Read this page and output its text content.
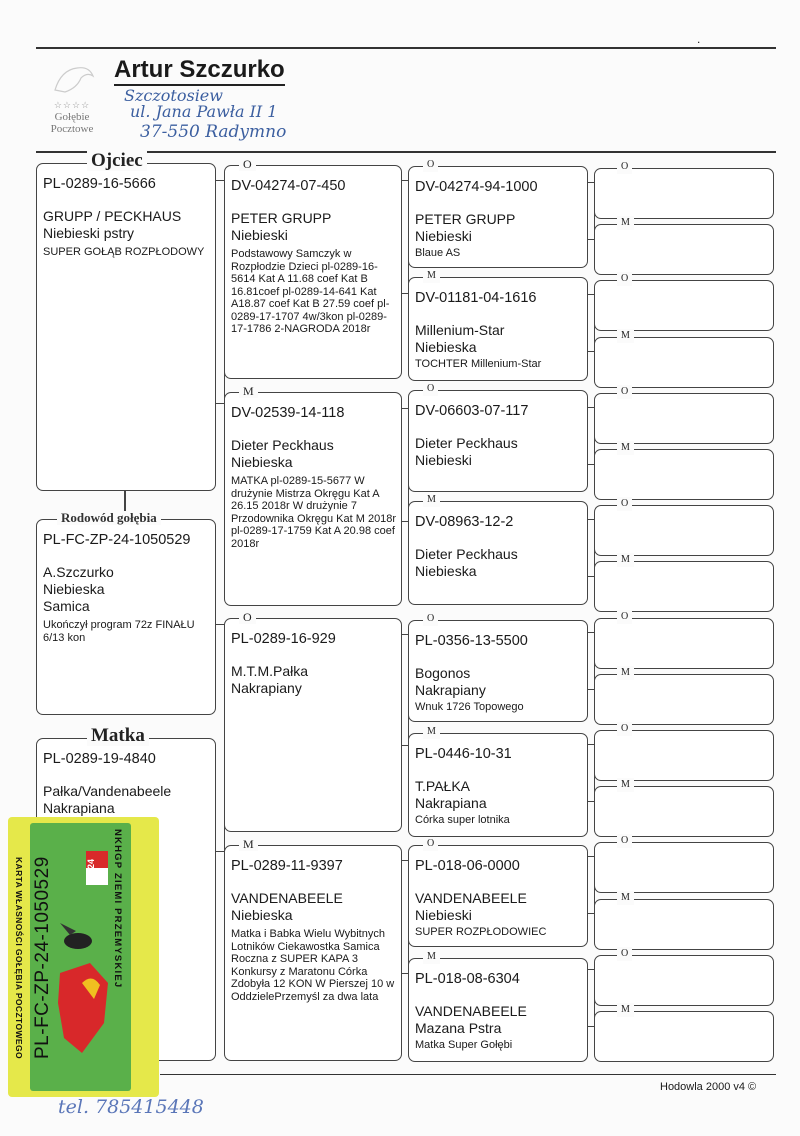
.
☆☆☆☆
Gołębie
Pocztowe
Artur Szczurko
Szczotosiew
ul. Jana Pawła II 1
37-550 Radymno
Ojciec
PL-0289-16-5666
GRUPP / PECKHAUS
Niebieski pstry
SUPER GOŁĄB ROZPŁODOWY
Rodowód gołębia
PL-FC-ZP-24-1050529
A.Szczurko
Niebieska
Samica
Ukończył program 72z FINAŁU 6/13 kon
Matka
PL-0289-19-4840
Pałka/Vandenabeele
Nakrapiana
O
DV-04274-07-450
PETER GRUPP
Niebieski
Podstawowy Samczyk w Rozpłodzie Dzieci pl-0289-16-5614 Kat A 11.68 coef Kat B 16.81coef pl-0289-14-641 Kat A18.87 coef Kat B 27.59 coef pl-0289-17-1707 4w/3kon pl-0289-17-1786 2-NAGRODA 2018r
M
DV-02539-14-118
Dieter Peckhaus
Niebieska
MATKA pl-0289-15-5677 W drużynie Mistrza Okręgu Kat A 26.15 2018r W drużynie 7 Przodownika Okręgu Kat M 2018r pl-0289-17-1759 Kat A 20.98 coef 2018r
O
PL-0289-16-929
M.T.M.Pałka
Nakrapiany
M
PL-0289-11-9397
VANDENABEELE
Niebieska
Matka i Babka Wielu Wybitnych Lotników Ciekawostka Samica Roczna z SUPER KAPA 3 Konkursy z Maratonu Córka Zdobyła 12 KON W Pierszej 10 w OddzielePrzemyśl za dwa lata
O
DV-04274-94-1000
PETER GRUPP
Niebieski
Blaue AS
M
DV-01181-04-1616
Millenium-Star
Niebieska
TOCHTER Millenium-Star
O
DV-06603-07-117
Dieter Peckhaus
Niebieski
M
DV-08963-12-2
Dieter Peckhaus
Niebieska
O
PL-0356-13-5500
Bogonos
Nakrapiany
Wnuk 1726 Topowego
M
PL-0446-10-31
T.PAŁKA
Nakrapiana
Córka super lotnika
O
PL-018-06-0000
VANDENABEELE
Niebieski
SUPER ROZPŁODOWIEC
M
PL-018-08-6304
VANDENABEELE
Mazana Pstra
Matka Super Gołębi
O
M
O
M
O
M
O
M
O
M
O
M
O
M
O
M
2024	NKHGP ZIEMI PRZEMYSKIEJ
PL-FC-ZP-24-1050529
KARTA WŁASNOŚCI GOŁĘBIA POCZTOWEGO
Hodowla 2000 v4 ©
tel. 785415448
